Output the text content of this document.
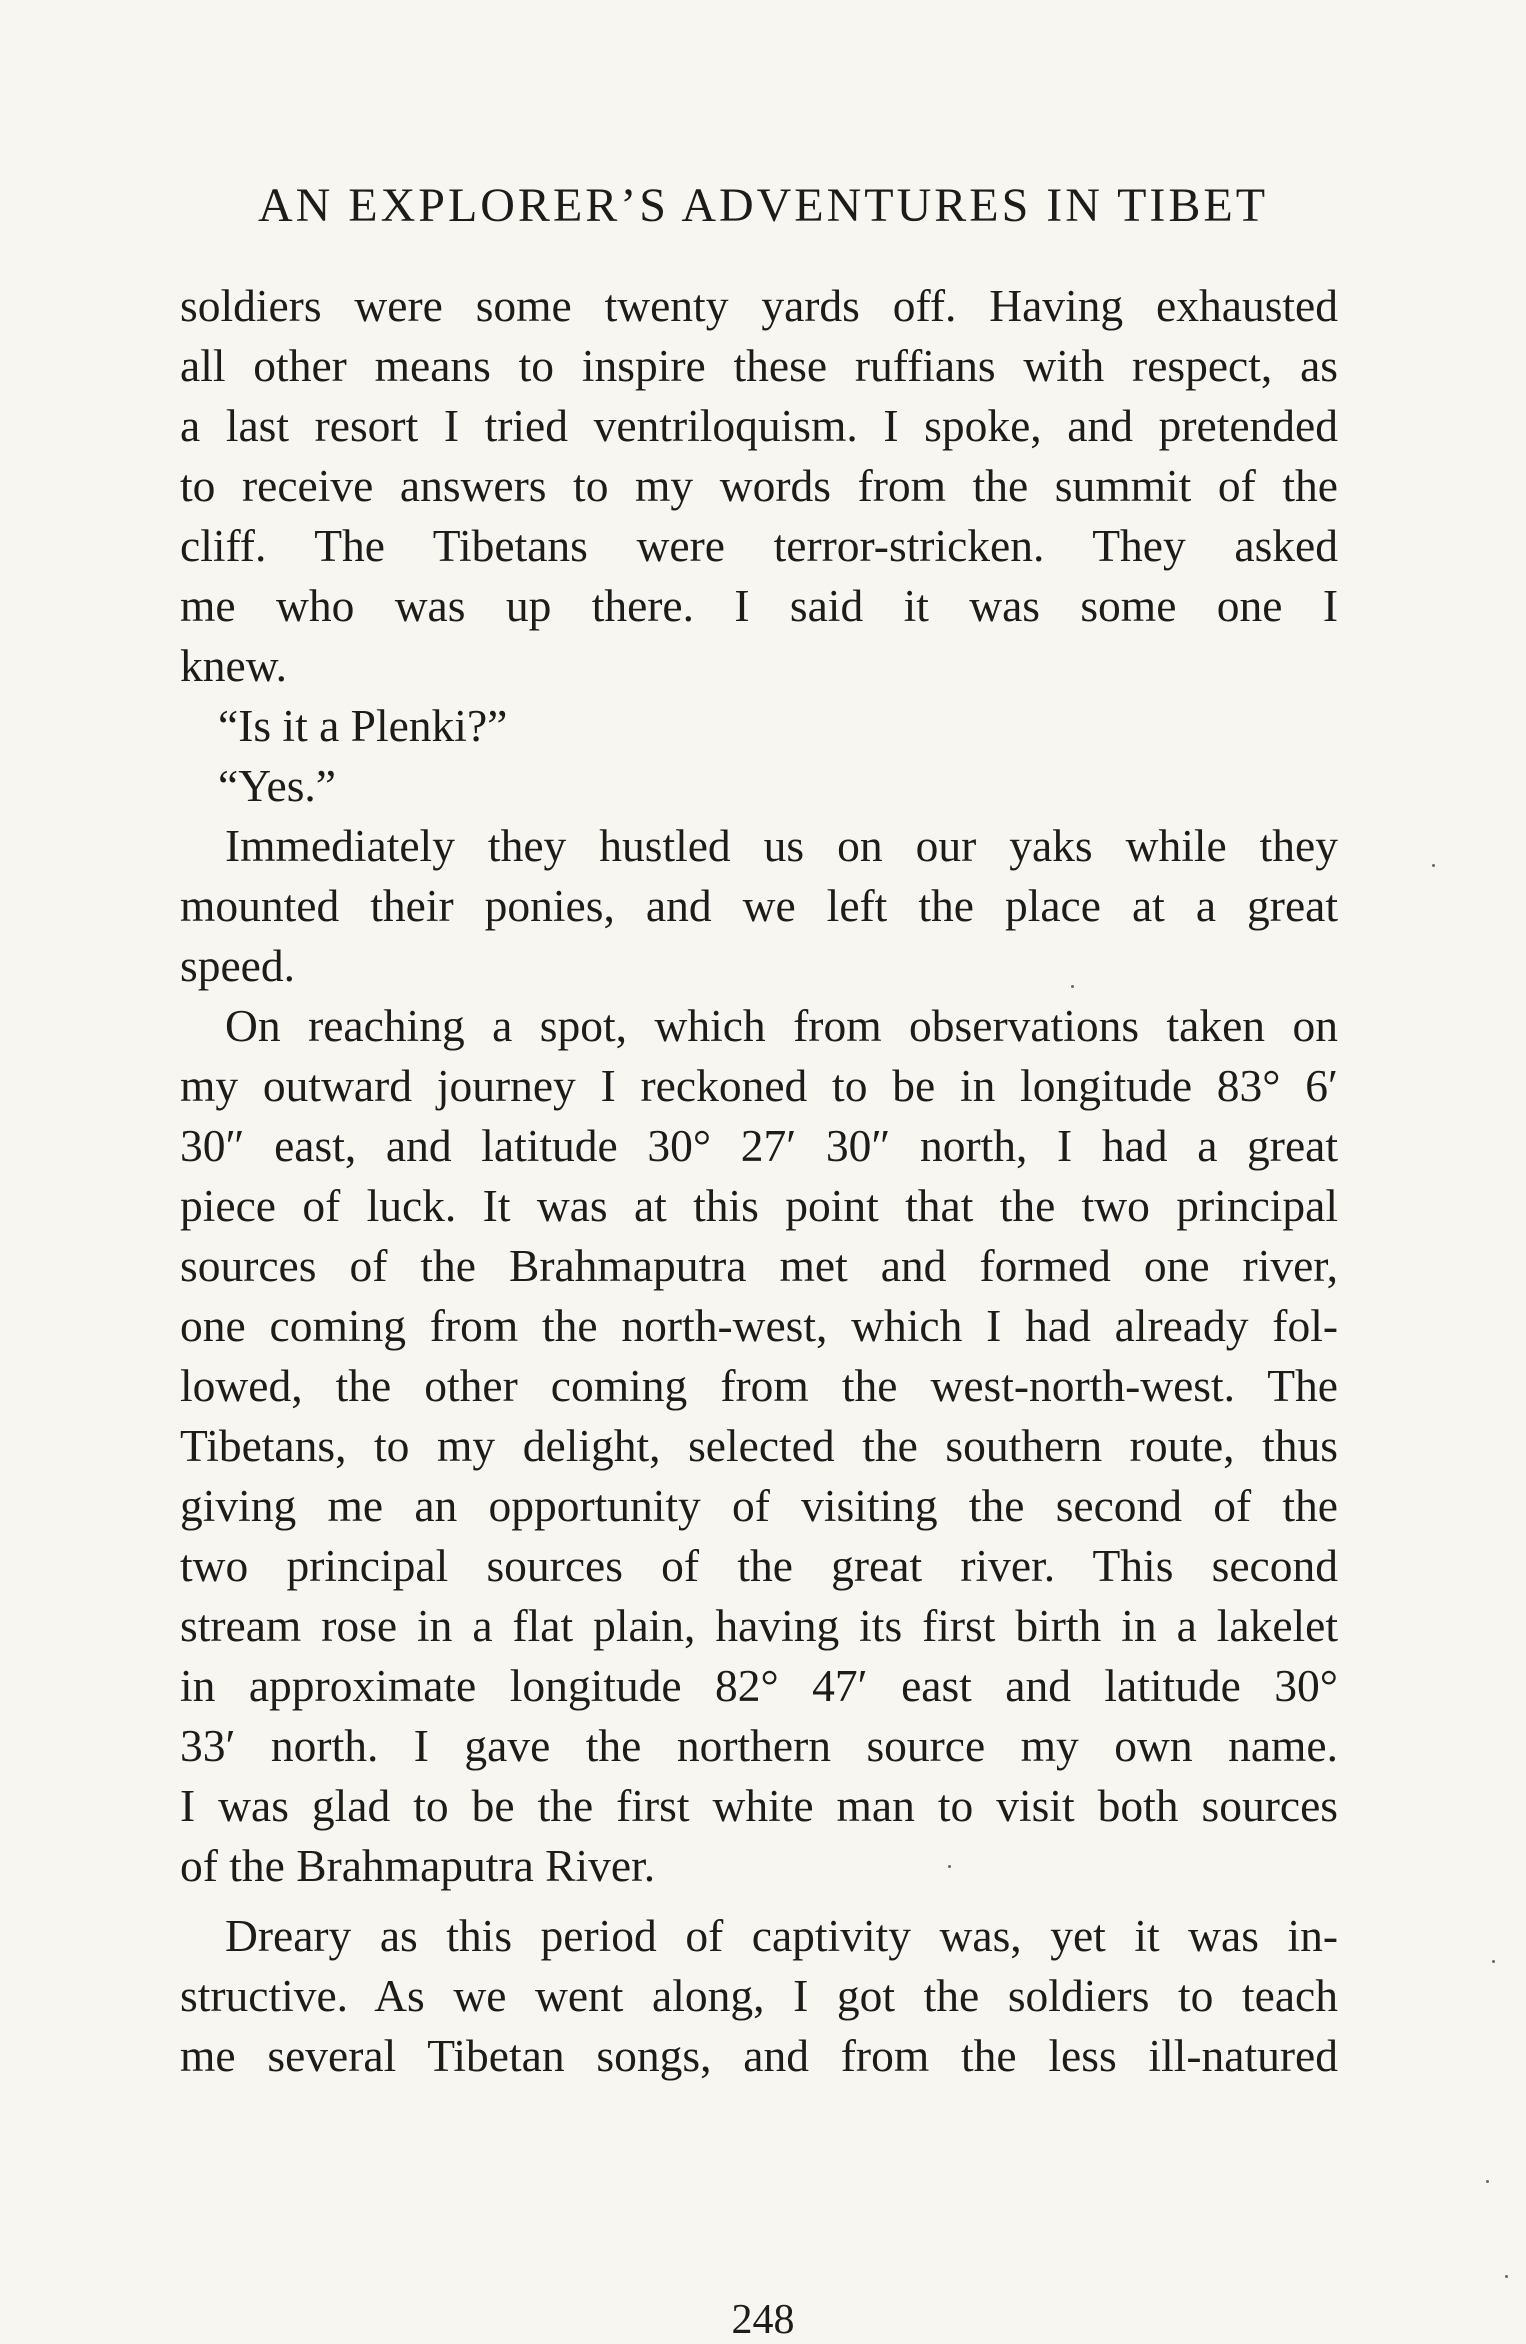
AN EXPLORER’S ADVENTURES IN TIBET
soldiers were some twenty yards off. Having exhausted
all other means to inspire these ruffians with respect, as
a last resort I tried ventriloquism. I spoke, and pretended
to receive answers to my words from the summit of the
cliff. The Tibetans were terror-stricken. They asked
me who was up there. I said it was some one I
knew.
“Is it a Plenki?”
“Yes.”
Immediately they hustled us on our yaks while they
mounted their ponies, and we left the place at a great
speed.
On reaching a spot, which from observations taken on
my outward journey I reckoned to be in longitude 83° 6′
30″ east, and latitude 30° 27′ 30″ north, I had a great
piece of luck. It was at this point that the two principal
sources of the Brahmaputra met and formed one river,
one coming from the north-west, which I had already fol-
lowed, the other coming from the west-north-west. The
Tibetans, to my delight, selected the southern route, thus
giving me an opportunity of visiting the second of the
two principal sources of the great river. This second
stream rose in a flat plain, having its first birth in a lakelet
in approximate longitude 82° 47′ east and latitude 30°
33′ north. I gave the northern source my own name.
I was glad to be the first white man to visit both sources
of the Brahmaputra River.
Dreary as this period of captivity was, yet it was in-
structive. As we went along, I got the soldiers to teach
me several Tibetan songs, and from the less ill-natured
248
